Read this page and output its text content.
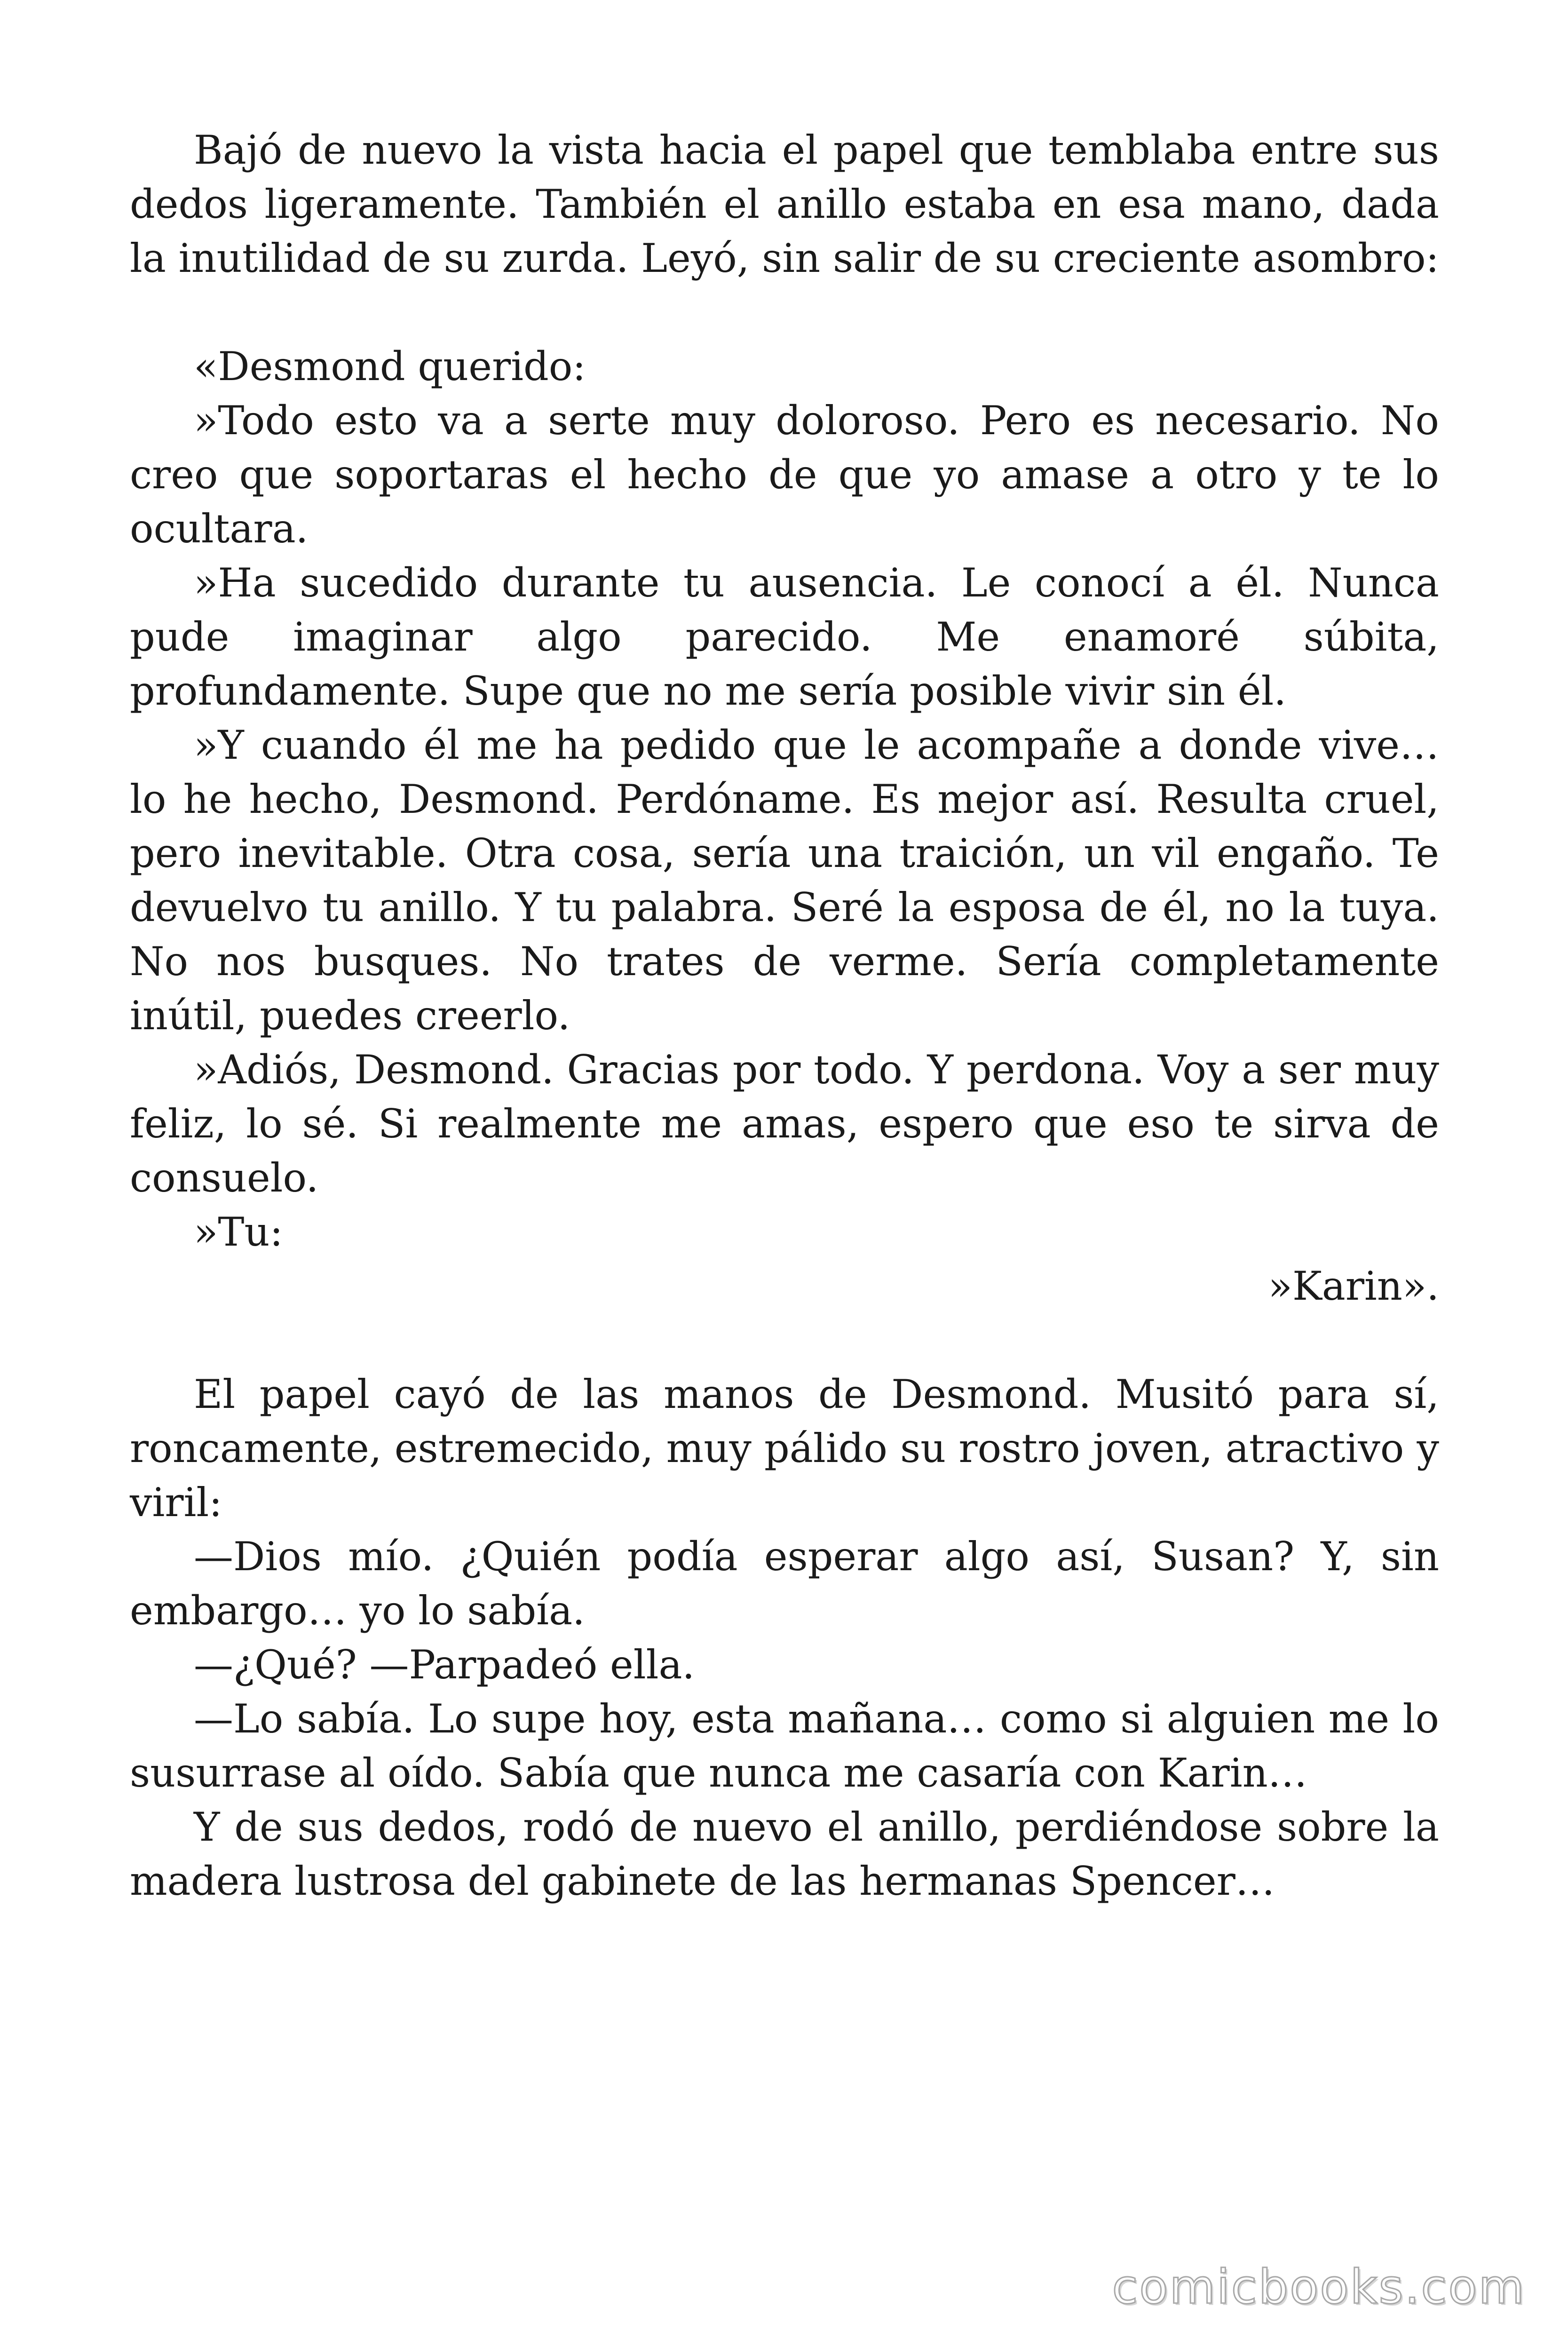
Bajó de nuevo la vista hacia el papel que temblaba entre sus dedos ligeramente. También el anillo estaba en esa mano, dada la inutilidad de su zurda. Leyó, sin salir de su creciente asombro:

«Desmond querido:

»Todo esto va a serte muy doloroso. Pero es necesario. No creo que soportaras el hecho de que yo amase a otro y te lo ocultara.

»Ha sucedido durante tu ausencia. Le conocí a él. Nunca pude imaginar algo parecido. Me enamoré súbita, profundamente. Supe que no me sería posible vivir sin él.

»Y cuando él me ha pedido que le acompañe a donde vive… lo he hecho, Desmond. Perdóname. Es mejor así. Resulta cruel, pero inevitable. Otra cosa, sería una traición, un vil engaño. Te devuelvo tu anillo. Y tu palabra. Seré la esposa de él, no la tuya. No nos busques. No trates de verme. Sería completamente inútil, puedes creerlo.

»Adiós, Desmond. Gracias por todo. Y perdona. Voy a ser muy feliz, lo sé. Si realmente me amas, espero que eso te sirva de consuelo.

»Tu:

»Karin».

El papel cayó de las manos de Desmond. Musitó para sí, roncamente, estremecido, muy pálido su rostro joven, atractivo y viril:

—Dios mío. ¿Quién podía esperar algo así, Susan? Y, sin embargo… yo lo sabía.

—¿Qué? —Parpadeó ella.

—Lo sabía. Lo supe hoy, esta mañana… como si alguien me lo susurrase al oído. Sabía que nunca me casaría con Karin…

Y de sus dedos, rodó de nuevo el anillo, perdiéndose sobre la madera lustrosa del gabinete de las hermanas Spencer…

comicbooks.com
